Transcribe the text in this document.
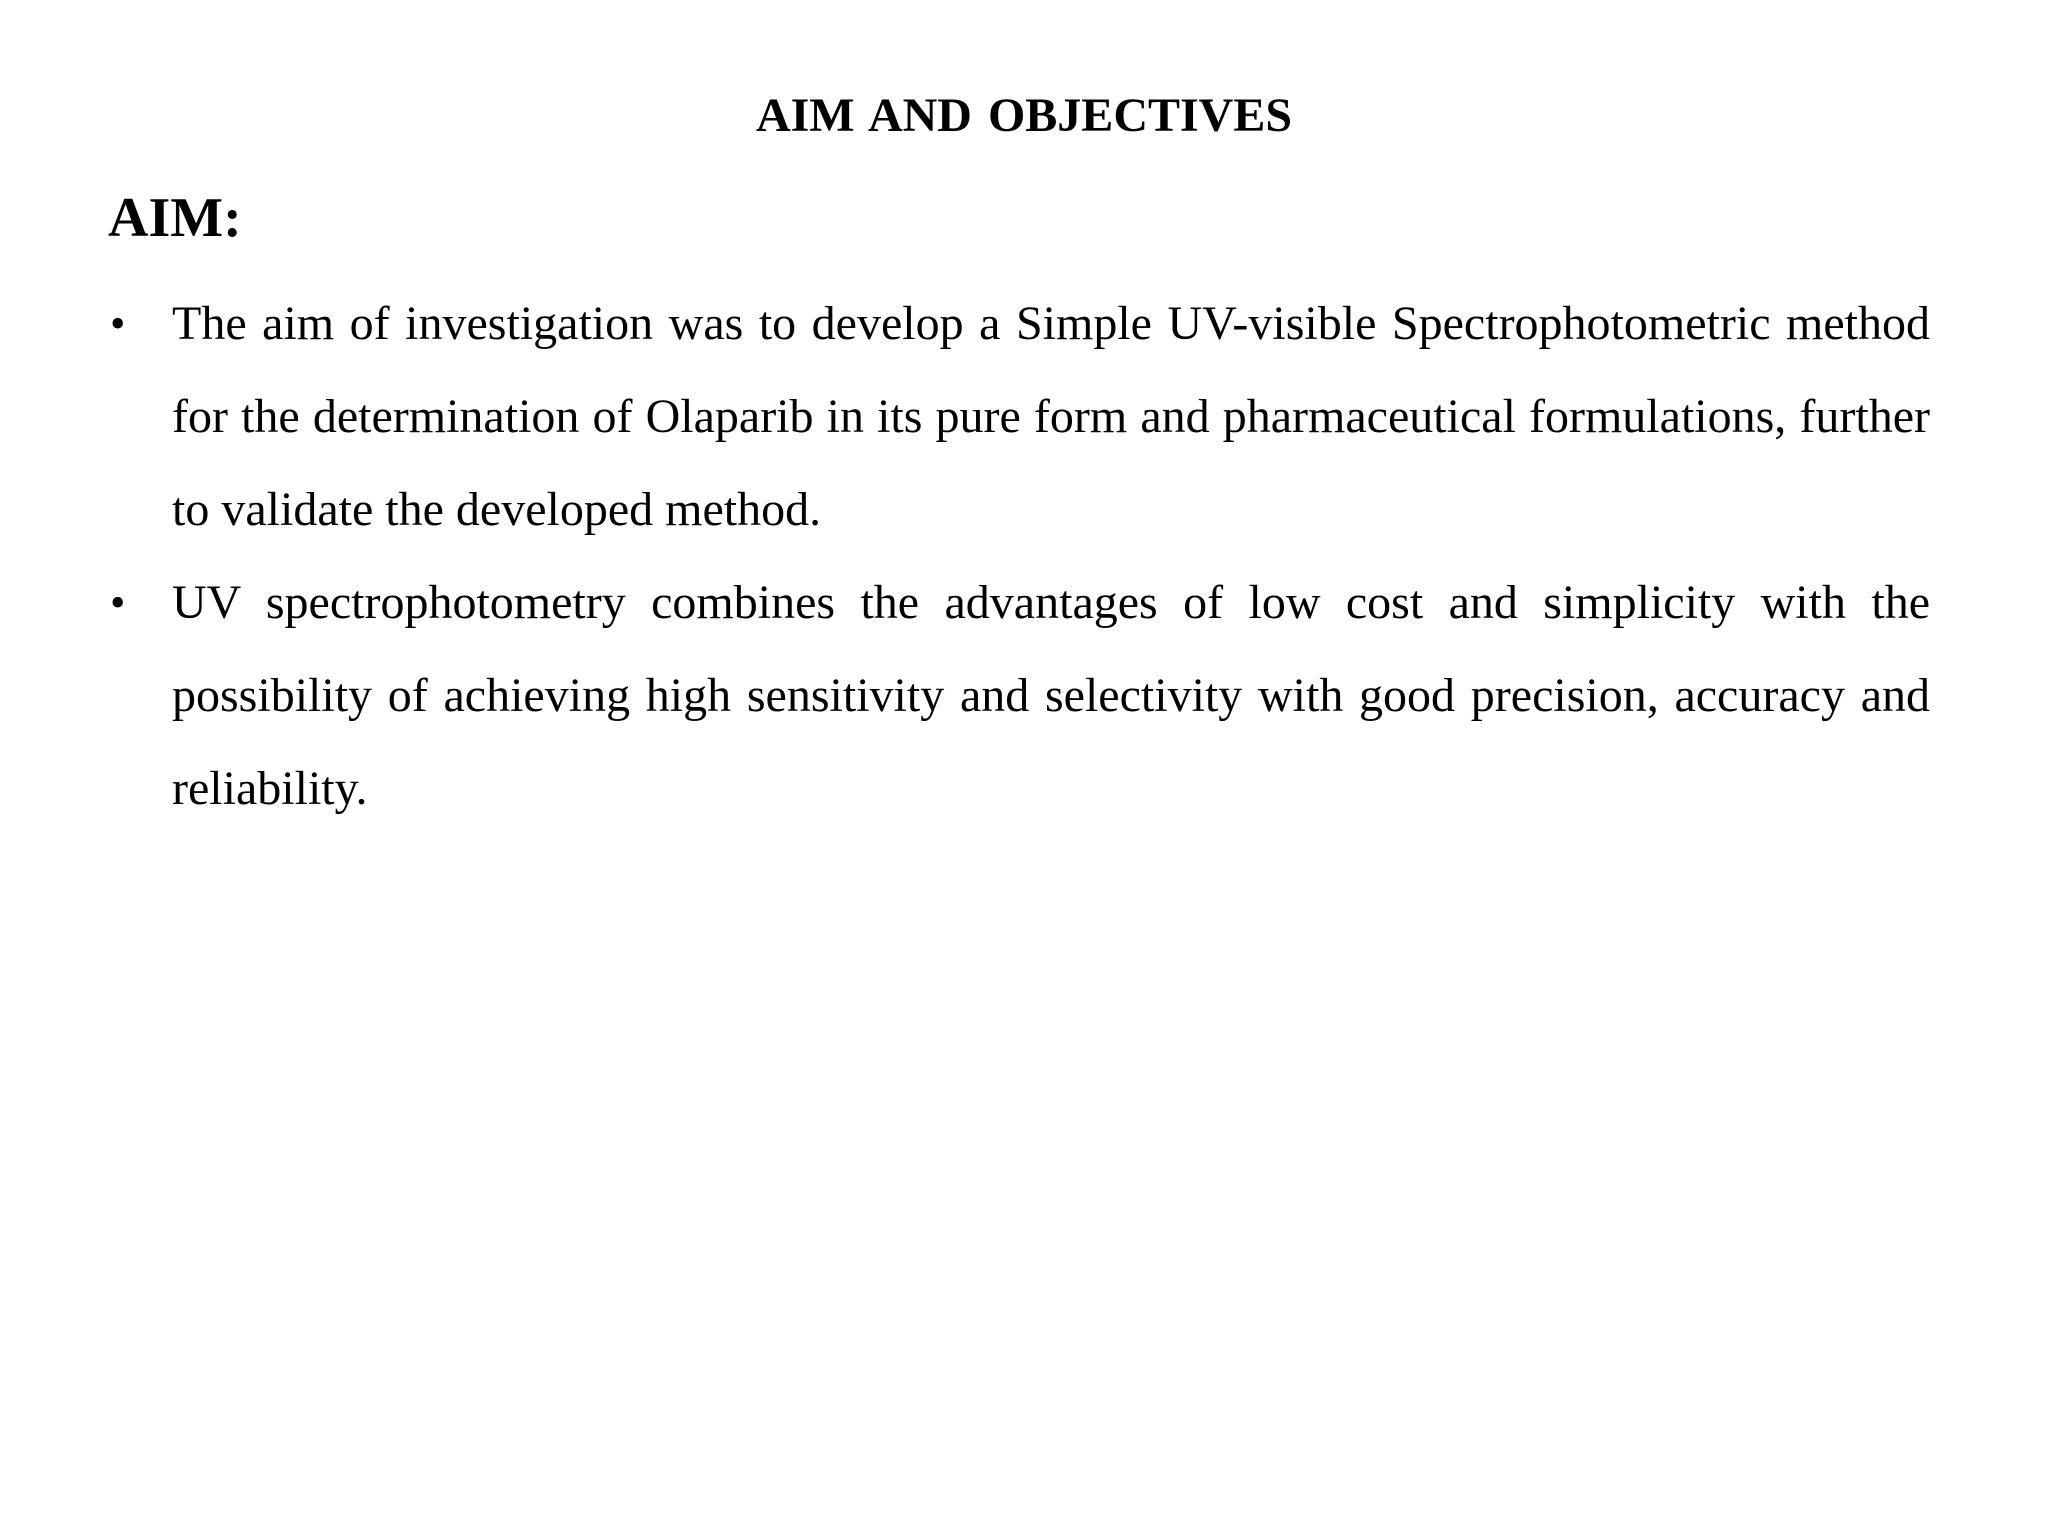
AIM AND OBJECTIVES
AIM:
• The aim of investigation was to develop a Simple UV-visible Spectrophotometric method for the determination of Olaparib in its pure form and pharmaceutical formulations, further to validate the developed method.
• UV spectrophotometry combines the advantages of low cost and simplicity with the possibility of achieving high sensitivity and selectivity with good precision, accuracy and reliability.
